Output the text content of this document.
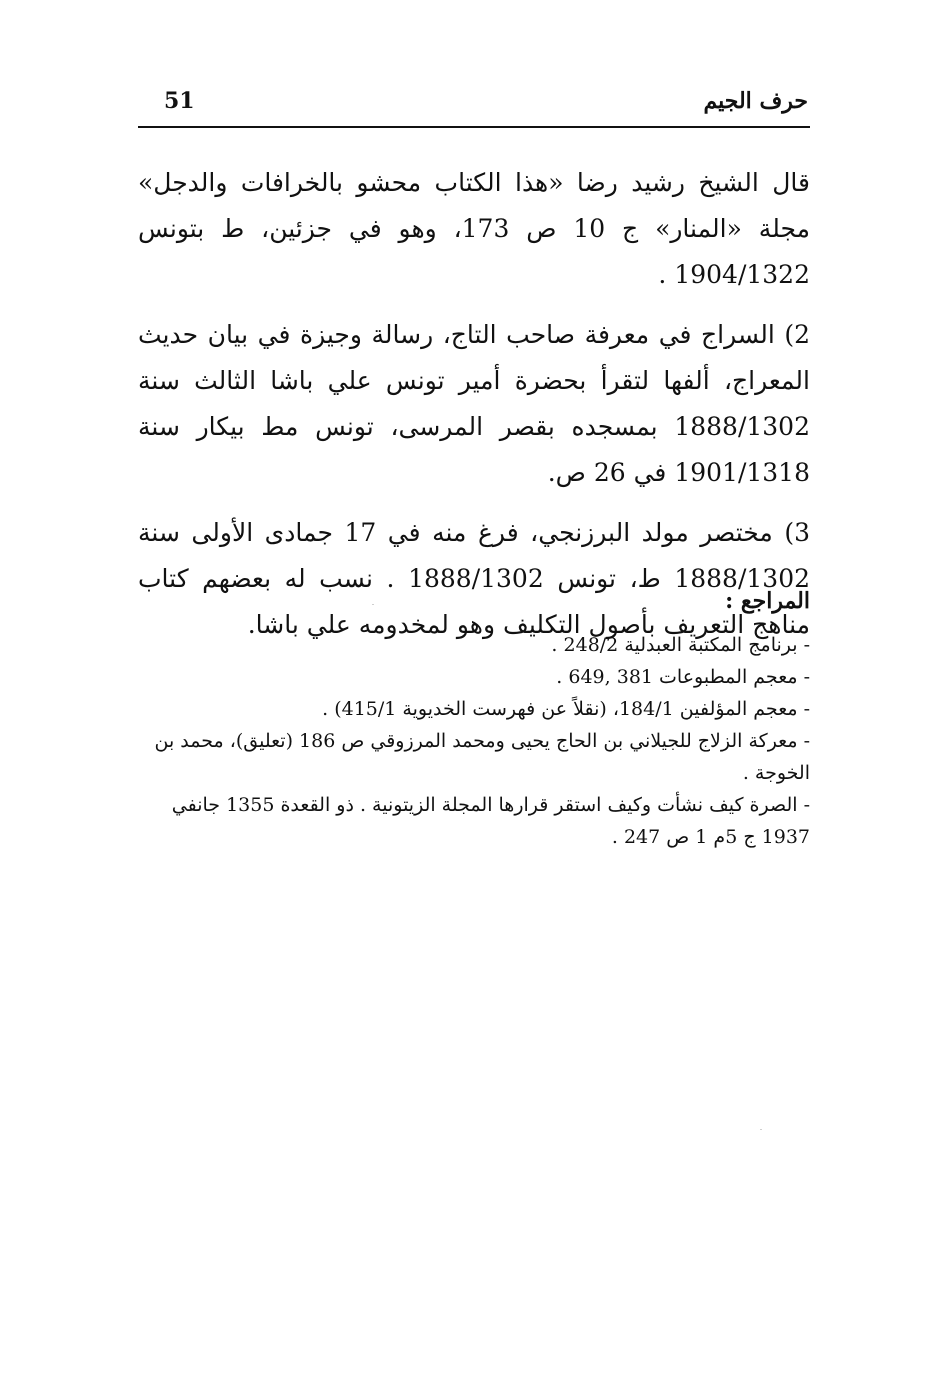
51	حرف الجيم

قال الشيخ رشيد رضا «هذا الكتاب محشو بالخرافات والدجل» مجلة «المنار» ج 10 ص 173، وهو في جزئين، ط بتونس 1904/1322 .

2) السراج في معرفة صاحب التاج، رسالة وجيزة في بيان حديث المعراج، ألفها لتقرأ بحضرة أمير تونس علي باشا الثالث سنة 1888/1302 بمسجده بقصر المرسى، تونس مط بيكار سنة 1901/1318 في 26 ص.

3) مختصر مولد البرزنجي، فرغ منه في 17 جمادى الأولى سنة 1888/1302 ط، تونس 1888/1302 . نسب له بعضهم كتاب مناهج التعريف بأصول التكليف وهو لمخدومه علي باشا.

المراجع :
- برنامج المكتبة العبدلية 248/2 .
- معجم المطبوعات 381 ,649 .
- معجم المؤلفين 184/1، (نقلاً عن فهرست الخديوية 415/1) .
- معركة الزلاج للجيلاني بن الحاج يحيى ومحمد المرزوقي ص 186 (تعليق)، محمد بن الخوجة .
- الصرة كيف نشأت وكيف استقر قرارها المجلة الزيتونية . ذو القعدة 1355 جانفي 1937 ج 5م 1 ص 247 .
